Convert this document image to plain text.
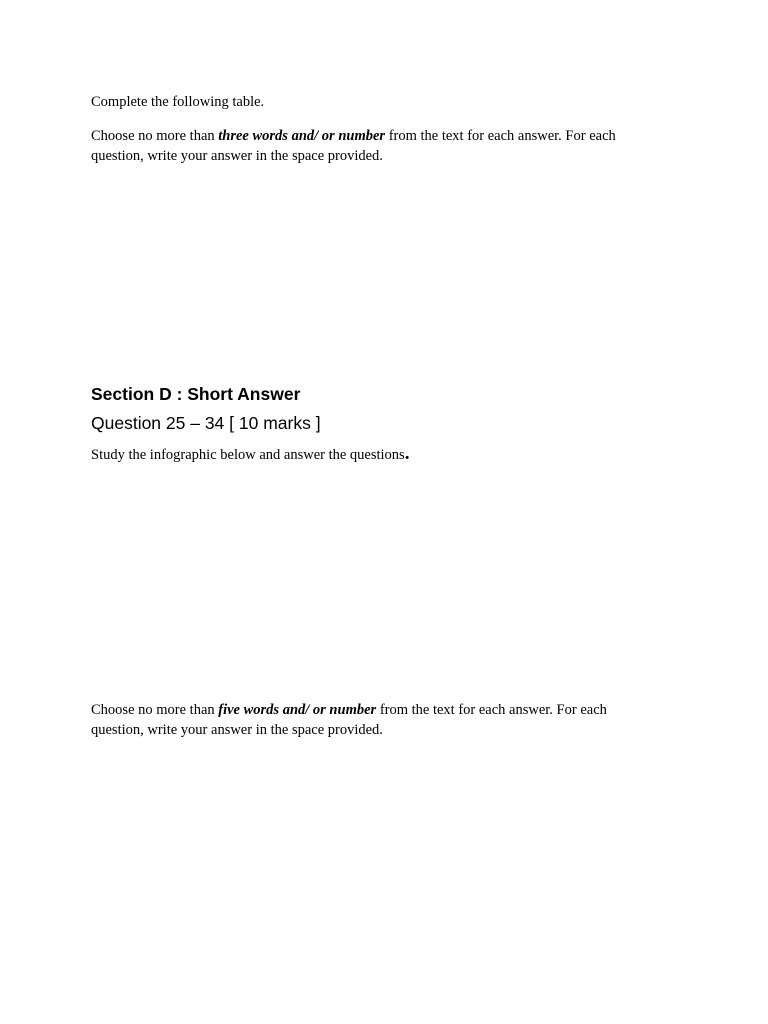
Complete the following table.

Choose no more than three words and/ or number from the text for each answer. For each question, write your answer in the space provided.

Section D : Short Answer
Question 25 – 34 [ 10 marks ]

Study the infographic below and answer the questions.

Choose no more than five words and/ or number from the text for each answer. For each question, write your answer in the space provided.
